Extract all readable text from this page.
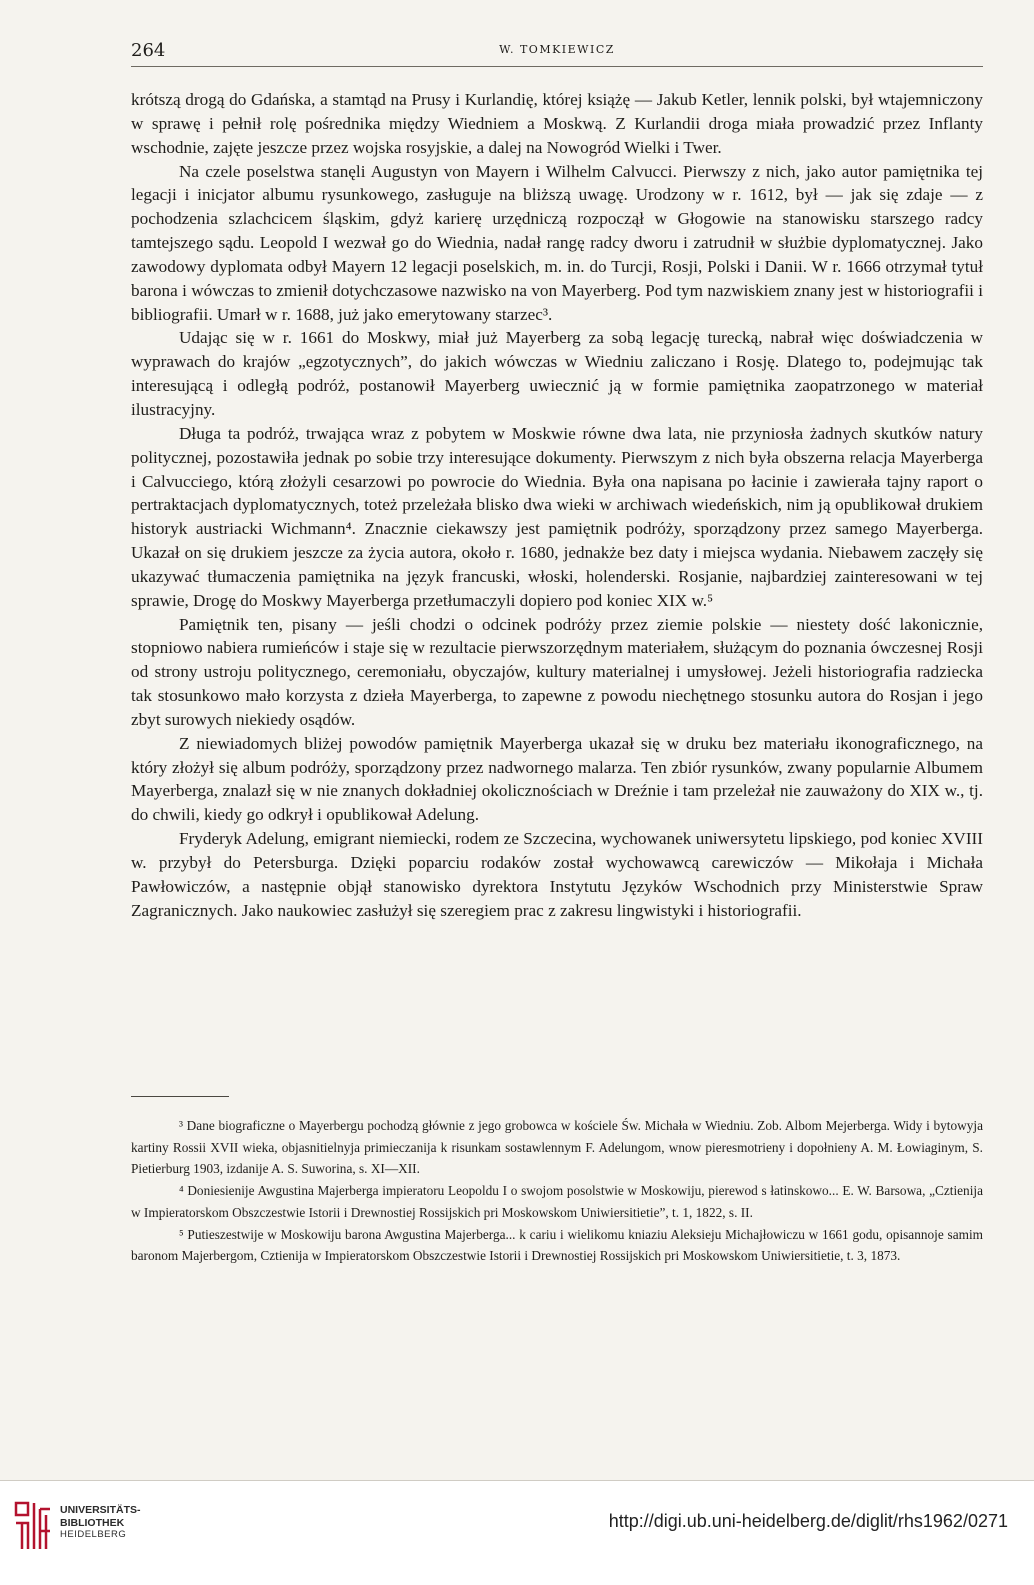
264	W. TOMKIEWICZ

krótszą drogą do Gdańska, a stamtąd na Prusy i Kurlandię, której książę — Jakub Ketler, lennik polski, był wtajemniczony w sprawę i pełnił rolę pośrednika między Wiedniem a Moskwą. Z Kurlandii droga miała prowadzić przez Inflanty wschodnie, zajęte jeszcze przez wojska rosyjskie, a dalej na Nowogród Wielki i Twer.

Na czele poselstwa stanęli Augustyn von Mayern i Wilhelm Calvucci. Pierwszy z nich, jako autor pamiętnika tej legacji i inicjator albumu rysunkowego, zasługuje na bliższą uwagę. Urodzony w r. 1612, był — jak się zdaje — z pochodzenia szlachcicem śląskim, gdyż karierę urzędniczą rozpoczął w Głogowie na stanowisku starszego radcy tamtejszego sądu. Leopold I wezwał go do Wiednia, nadał rangę radcy dworu i zatrudnił w służbie dyplomatycznej. Jako zawodowy dyplomata odbył Mayern 12 legacji poselskich, m. in. do Turcji, Rosji, Polski i Danii. W r. 1666 otrzymał tytuł barona i wówczas to zmienił dotychczasowe nazwisko na von Mayerberg. Pod tym nazwiskiem znany jest w historiografii i bibliografii. Umarł w r. 1688, już jako emerytowany starzec³.

Udając się w r. 1661 do Moskwy, miał już Mayerberg za sobą legację turecką, nabrał więc doświadczenia w wyprawach do krajów „egzotycznych”, do jakich wówczas w Wiedniu zaliczano i Rosję. Dlatego to, podejmując tak interesującą i odległą podróż, postanowił Mayerberg uwiecznić ją w formie pamiętnika zaopatrzonego w materiał ilustracyjny.

Długa ta podróż, trwająca wraz z pobytem w Moskwie równe dwa lata, nie przyniosła żadnych skutków natury politycznej, pozostawiła jednak po sobie trzy interesujące dokumenty. Pierwszym z nich była obszerna relacja Mayerberga i Calvucciego, którą złożyli cesarzowi po powrocie do Wiednia. Była ona napisana po łacinie i zawierała tajny raport o pertraktacjach dyplomatycznych, toteż przeleżała blisko dwa wieki w archiwach wiedeńskich, nim ją opublikował drukiem historyk austriacki Wichmann⁴. Znacznie ciekawszy jest pamiętnik podróży, sporządzony przez samego Mayerberga. Ukazał on się drukiem jeszcze za życia autora, około r. 1680, jednakże bez daty i miejsca wydania. Niebawem zaczęły się ukazywać tłumaczenia pamiętnika na język francuski, włoski, holenderski. Rosjanie, najbardziej zainteresowani w tej sprawie, Drogę do Moskwy Mayerberga przetłumaczyli dopiero pod koniec XIX w.⁵

Pamiętnik ten, pisany — jeśli chodzi o odcinek podróży przez ziemie polskie — niestety dość lakonicznie, stopniowo nabiera rumieńców i staje się w rezultacie pierwszorzędnym materiałem, służącym do poznania ówczesnej Rosji od strony ustroju politycznego, ceremoniału, obyczajów, kultury materialnej i umysłowej. Jeżeli historiografia radziecka tak stosunkowo mało korzysta z dzieła Mayerberga, to zapewne z powodu niechętnego stosunku autora do Rosjan i jego zbyt surowych niekiedy osądów.

Z niewiadomych bliżej powodów pamiętnik Mayerberga ukazał się w druku bez materiału ikonograficznego, na który złożył się album podróży, sporządzony przez nadwornego malarza. Ten zbiór rysunków, zwany popularnie Albumem Mayerberga, znalazł się w nie znanych dokładniej okolicznościach w Dreźnie i tam przeleżał nie zauważony do XIX w., tj. do chwili, kiedy go odkrył i opublikował Adelung.

Fryderyk Adelung, emigrant niemiecki, rodem ze Szczecina, wychowanek uniwersytetu lipskiego, pod koniec XVIII w. przybył do Petersburga. Dzięki poparciu rodaków został wychowawcą carewiczów — Mikołaja i Michała Pawłowiczów, a następnie objął stanowisko dyrektora Instytutu Języków Wschodnich przy Ministerstwie Spraw Zagranicznych. Jako naukowiec zasłużył się szeregiem prac z zakresu lingwistyki i historiografii.

³ Dane biograficzne o Mayerbergu pochodzą głównie z jego grobowca w kościele Św. Michała w Wiedniu. Zob. Albom Mejerberga. Widy i bytowyja kartiny Rossii XVII wieka, objasnitielnyja primieczanija k risunkam sostawlennym F. Adelungom, wnow pieresmotrieny i dopołnieny A. M. Łowiaginym, S. Pietierburg 1903, izdanije A. S. Suworina, s. XI—XII.

⁴ Doniesienije Awgustina Majerberga impieratoru Leopoldu I o swojom posolstwie w Moskowiju, pierewod s łatinskowo... E. W. Barsowa, „Cztienija w Impieratorskom Obszczestwie Istorii i Drewnostiej Rossijskich pri Moskowskom Uniwiersitietie”, t. 1, 1822, s. II.

⁵ Putieszestwije w Moskowiju barona Awgustina Majerberga... k cariu i wielikomu kniaziu Aleksieju Michajłowiczu w 1661 godu, opisannoje samim baronom Majerbergom, Cztienija w Impieratorskom Obszczestwie Istorii i Drewnostiej Rossijskich pri Moskowskom Uniwiersitietie, t. 3, 1873.

UNIVERSITÄTS-
BIBLIOTHEK
HEIDELBERG
http://digi.ub.uni-heidelberg.de/diglit/rhs1962/0271
